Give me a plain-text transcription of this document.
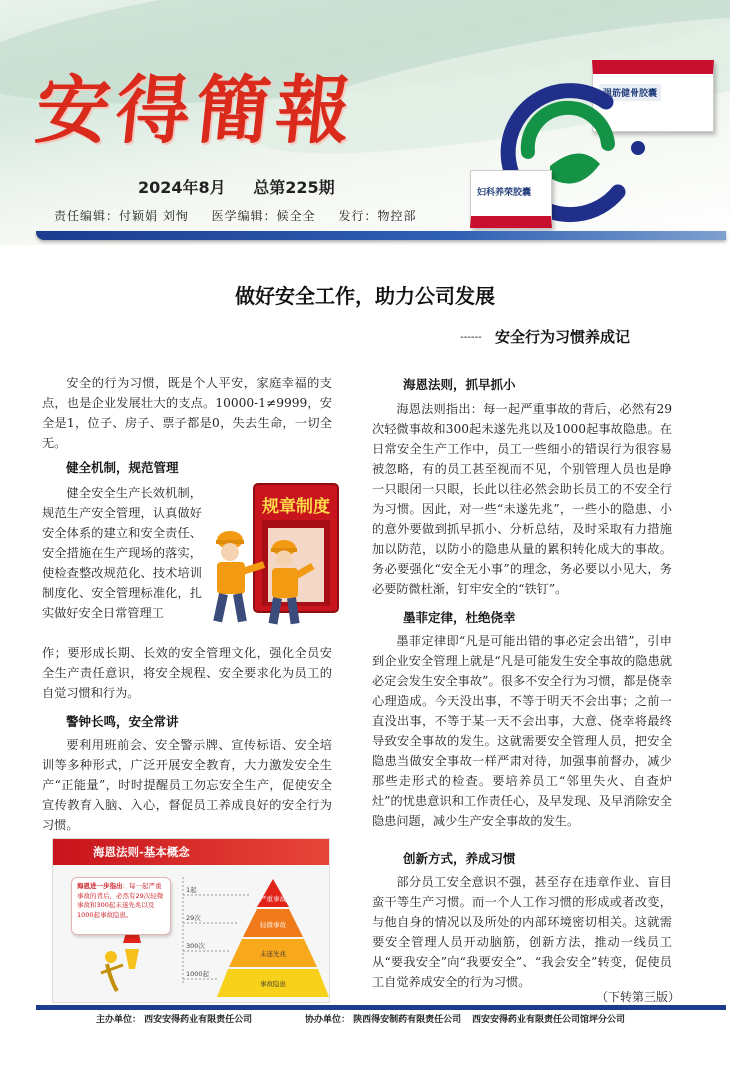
安得簡報
2024年8月 总第225期
责任编辑：付颖娟 刘恂 医学编辑：候全全 发行：物控部
强筋健骨胶囊
妇科养荣胶囊
做好安全工作，助力公司发展
------ 安全行为习惯养成记

安全的行为习惯，既是个人平安，家庭幸福的支点，也是企业发展壮大的支点。10000-1≠9999，安全是1，位子、房子、票子都是0，失去生命，一切全无。

健全机制，规范管理

健全安全生产长效机制，规范生产安全管理，认真做好安全体系的建立和安全责任、安全措施在生产现场的落实，使检查整改规范化、技术培训制度化、安全管理标准化，扎实做好安全日常管理工

作；要形成长期、长效的安全管理文化，强化全员安全生产责任意识，将安全规程、安全要求化为员工的自觉习惯和行为。

规章制度
警钟长鸣，安全常讲

要利用班前会、安全警示牌、宣传标语、安全培训等多种形式，广泛开展安全教育，大力激发安全生产“正能量”，时时提醒员工勿忘安全生产，促使安全宣传教育入脑、入心，督促员工养成良好的安全行为习惯。

海恩法则-基本概念
1起
29次
300次
1000起
严重事故
轻微事故
未遂先兆
事故隐患
海恩进一步指出：每一起严重事故的背后，必然有29次轻微事故和300起未遂先兆以及1000起事故隐患。
海恩法则，抓早抓小

海恩法则指出：每一起严重事故的背后，必然有29次轻微事故和300起未遂先兆以及1000起事故隐患。在日常安全生产工作中，员工一些细小的错误行为很容易被忽略，有的员工甚至视而不见，个别管理人员也是睁一只眼闭一只眼，长此以往必然会助长员工的不安全行为习惯。因此，对一些“未遂先兆”，一些小的隐患、小的意外要做到抓早抓小、分析总结，及时采取有力措施加以防范，以防小的隐患从量的累积转化成大的事故。务必要强化“安全无小事”的理念，务必要以小见大，务必要防微杜渐，钉牢安全的“铁钉”。

墨菲定律，杜绝侥幸

墨菲定律即“凡是可能出错的事必定会出错”，引申到企业安全管理上就是“凡是可能发生安全事故的隐患就必定会发生安全事故”。很多不安全行为习惯，都是侥幸心理造成。今天没出事，不等于明天不会出事；之前一直没出事，不等于某一天不会出事，大意、侥幸将最终导致安全事故的发生。这就需要安全管理人员，把安全隐患当做安全事故一样严肃对待，加强事前督办，减少那些走形式的检查。要培养员工“邻里失火、自查炉灶”的忧患意识和工作责任心，及早发现、及早消除安全隐患问题，减少生产安全事故的发生。

创新方式，养成习惯

部分员工安全意识不强，甚至存在违章作业、盲目蛮干等生产习惯。而一个人工作习惯的形成或者改变，与他自身的情况以及所处的内部环境密切相关。这就需要安全管理人员开动脑筋，创新方法，推动一线员工从“要我安全”向“我要安全”、“我会安全”转变，促使员工自觉养成安全的行为习惯。

（下转第三版）
主办单位： 西安安得药业有限责任公司	协办单位： 陕西得安制药有限责任公司 西安安得药业有限责任公司馆坪分公司
